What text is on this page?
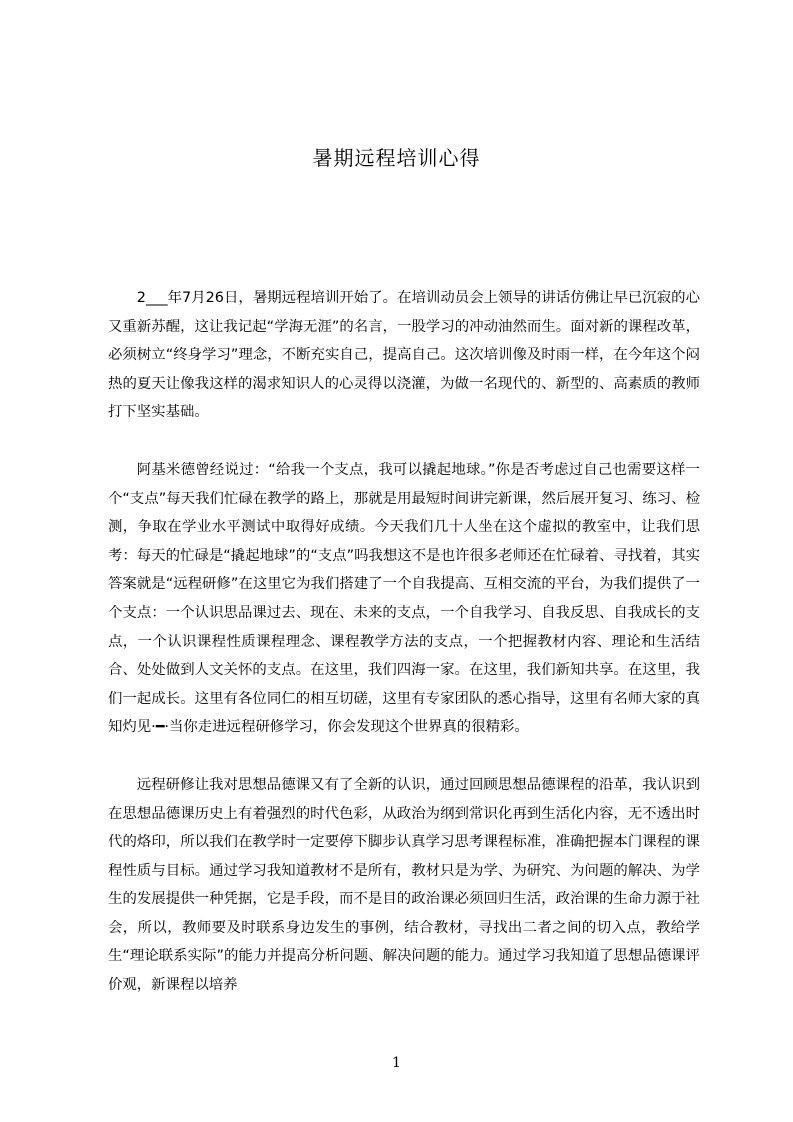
暑期远程培训心得

2___年7月26日，暑期远程培训开始了。在培训动员会上领导的讲话仿佛让早已沉寂的心又重新苏醒，这让我记起“学海无涯”的名言，一股学习的冲动油然而生。面对新的课程改革，必须树立“终身学习”理念，不断充实自己，提高自己。这次培训像及时雨一样，在今年这个闷热的夏天让像我这样的渴求知识人的心灵得以浇灌，为做一名现代的、新型的、高素质的教师打下坚实基础。

阿基米德曾经说过：“给我一个支点，我可以撬起地球。”你是否考虑过自己也需要这样一个“支点”每天我们忙碌在教学的路上，那就是用最短时间讲完新课，然后展开复习、练习、检测，争取在学业水平测试中取得好成绩。今天我们几十人坐在这个虚拟的教室中，让我们思考：每天的忙碌是“撬起地球”的“支点”吗我想这不是也许很多老师还在忙碌着、寻找着，其实答案就是“远程研修”在这里它为我们搭建了一个自我提高、互相交流的平台，为我们提供了一个支点：一个认识思品课过去、现在、未来的支点，一个自我学习、自我反思、自我成长的支点，一个认识课程性质课程理念、课程教学方法的支点，一个把握教材内容、理论和生活结合、处处做到人文关怀的支点。在这里，我们四海一家。在这里，我们新知共享。在这里，我们一起成长。这里有各位同仁的相互切磋，这里有专家团队的悉心指导，这里有名师大家的真知灼见·━·当你走进远程研修学习，你会发现这个世界真的很精彩。

远程研修让我对思想品德课又有了全新的认识，通过回顾思想品德课程的沿革，我认识到在思想品德课历史上有着强烈的时代色彩，从政治为纲到常识化再到生活化内容，无不透出时代的烙印，所以我们在教学时一定要停下脚步认真学习思考课程标准，准确把握本门课程的课程性质与目标。通过学习我知道教材不是所有，教材只是为学、为研究、为问题的解决、为学生的发展提供一种凭据，它是手段，而不是目的政治课必须回归生活，政治课的生命力源于社会，所以，教师要及时联系身边发生的事例，结合教材，寻找出二者之间的切入点，教给学生“理论联系实际”的能力并提高分析问题、解决问题的能力。通过学习我知道了思想品德课评价观，新课程以培养

1
